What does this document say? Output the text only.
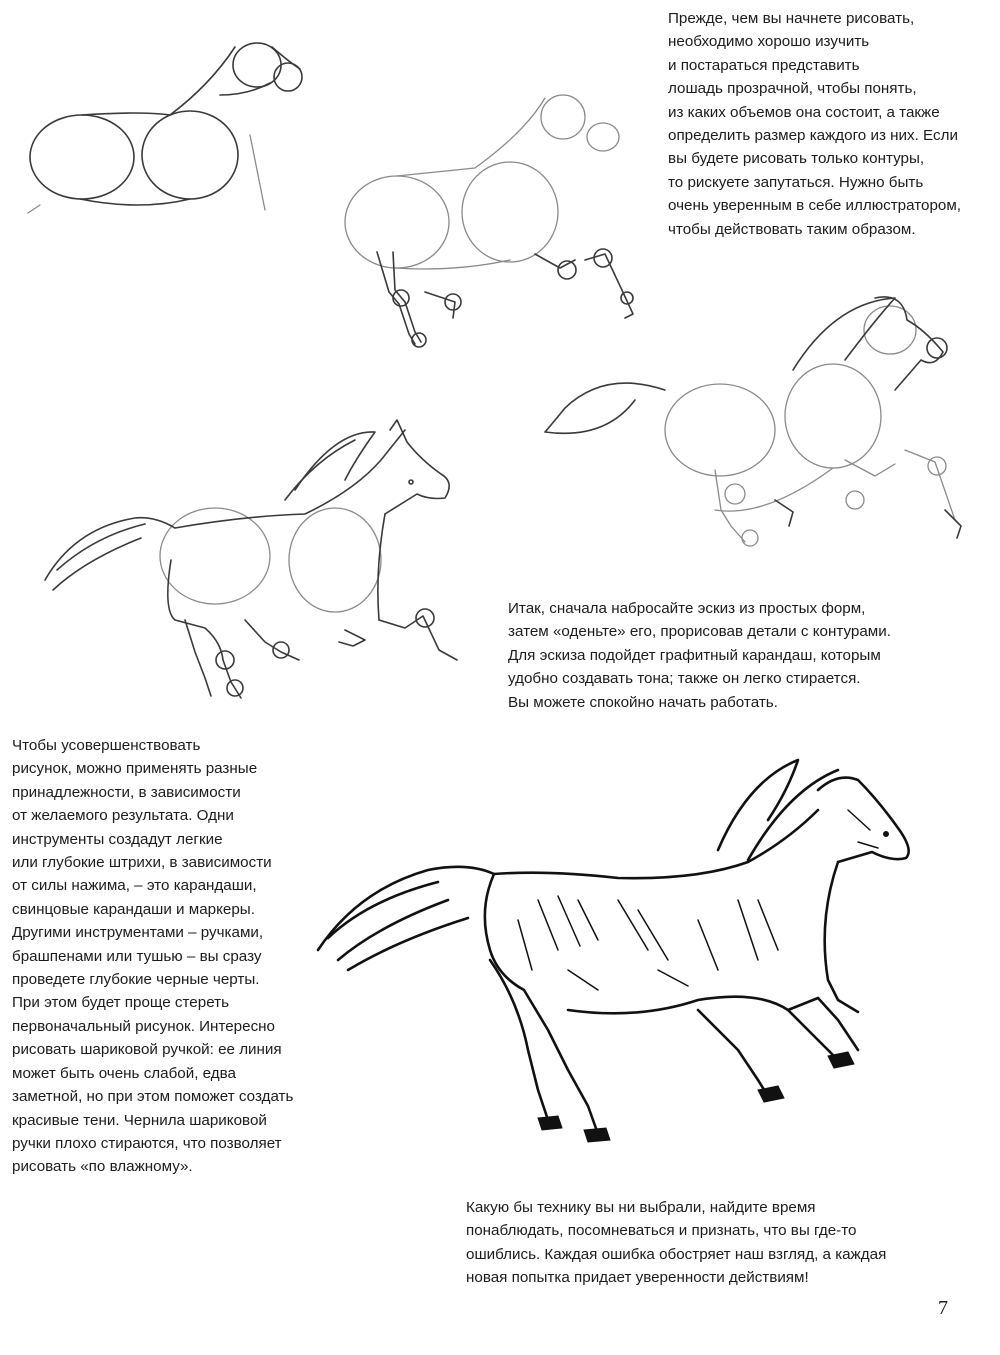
Прежде, чем вы начнете рисовать,
необходимо хорошо изучить
и постараться представить
лошадь прозрачной, чтобы понять,
из каких объемов она состоит, а также
определить размер каждого из них. Если
вы будете рисовать только контуры,
то рискуете запутаться. Нужно быть
очень уверенным в себе иллюстратором,
чтобы действовать таким образом.

Итак, сначала набросайте эскиз из простых форм,
затем «оденьте» его, прорисовав детали с контурами.
Для эскиза подойдет графитный карандаш, которым
удобно создавать тона; также он легко стирается.
Вы можете спокойно начать работать.

Чтобы усовершенствовать
рисунок, можно применять разные
принадлежности, в зависимости
от желаемого результата. Одни
инструменты создадут легкие
или глубокие штрихи, в зависимости
от силы нажима, – это карандаши,
свинцовые карандаши и маркеры.
Другими инструментами – ручками,
брашпенами или тушью – вы сразу
проведете глубокие черные черты.
При этом будет проще стереть
первоначальный рисунок. Интересно
рисовать шариковой ручкой: ее линия
может быть очень слабой, едва
заметной, но при этом поможет создать
красивые тени. Чернила шариковой
ручки плохо стираются, что позволяет
рисовать «по влажному».

Какую бы технику вы ни выбрали, найдите время
понаблюдать, посомневаться и признать, что вы где-то
ошиблись. Каждая ошибка обостряет наш взгляд, а каждая
новая попытка придает уверенности действиям!

7
